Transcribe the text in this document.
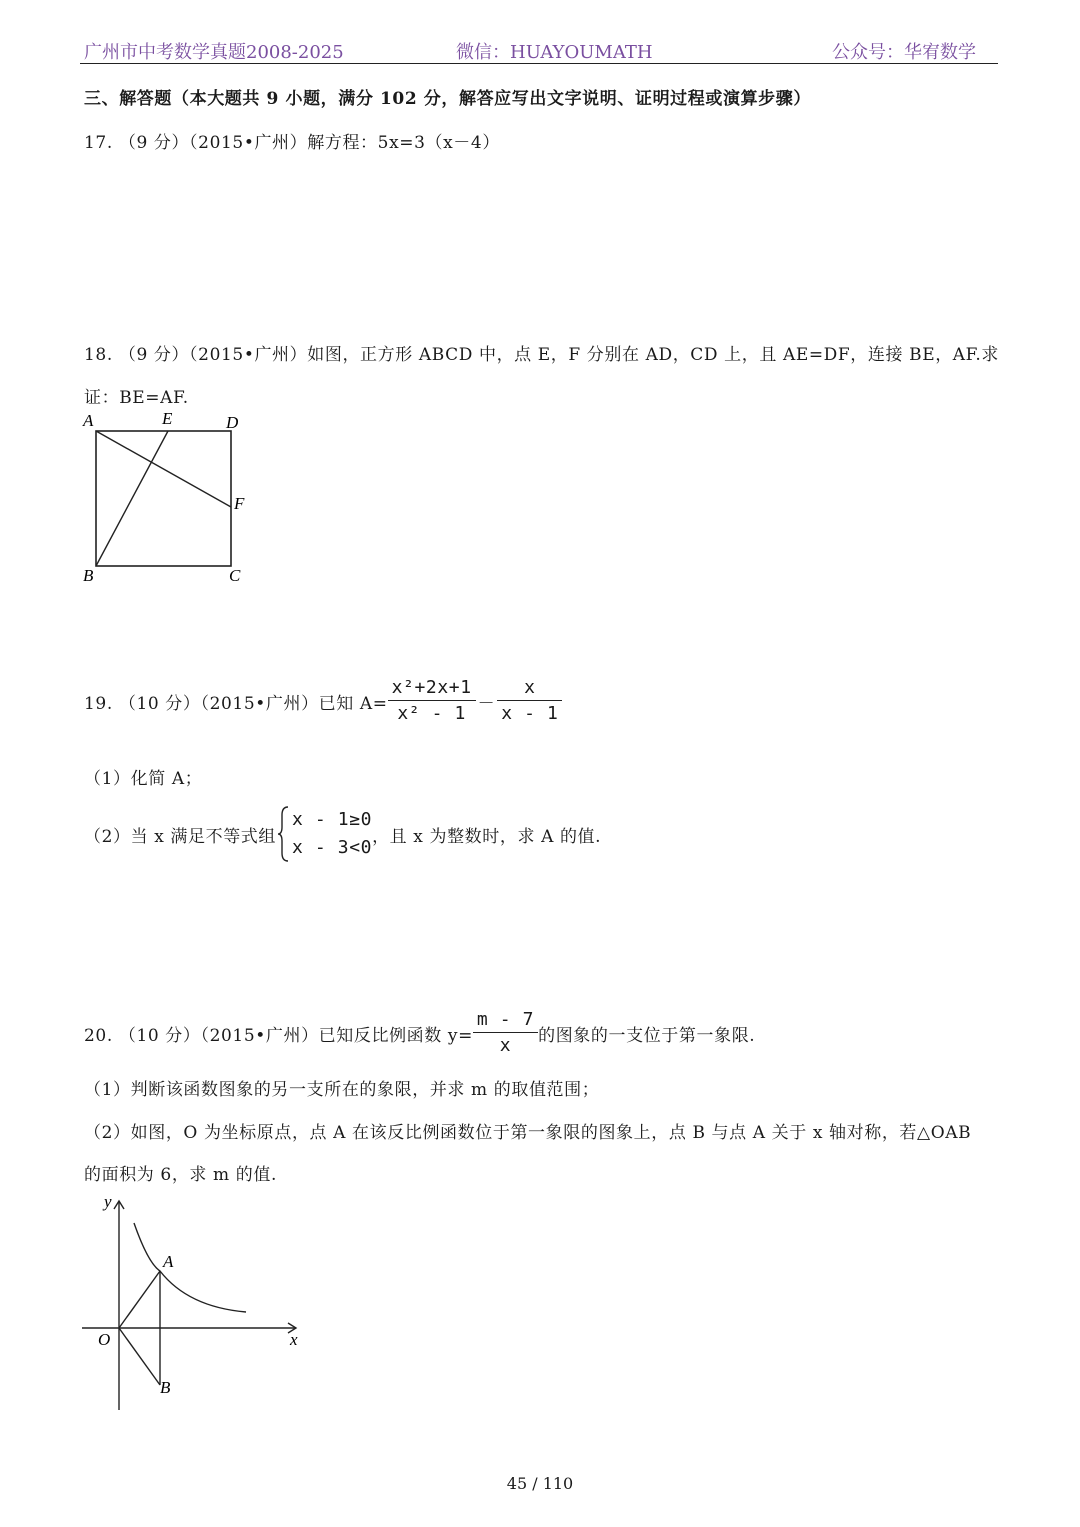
广州市中考数学真题2008-2025	微信：HUAYOUMATH	公众号：华宥数学
三、解答题（本大题共 9 小题，满分 102 分，解答应写出文字说明、证明过程或演算步骤）
17. （9 分）（2015•广州）解方程：5x=3（x－4）
18. （9 分）（2015•广州）如图，正方形 ABCD 中，点 E，F 分别在 AD，CD 上，且 AE=DF，连接 BE，AF.求
证：BE=AF.
A	E	D
F
B	C
19. （10 分）（2015•广州）已知 $A= \frac{\text{x²+2x+1}}{\text{x² - 1}} - \frac{x}{x - 1}$
（1）化简 A；
（2）当 x 满足不等式组
x - 1≥0
x - 3<0
，且 x 为整数时，求 A 的值.
20. （10 分）（2015•广州）已知反比例函数 $y= \frac{m - 7}{x}$ 的图象的一支位于第一象限.
（1）判断该函数图象的另一支所在的象限，并求 m 的取值范围；
（2）如图，O 为坐标原点，点 A 在该反比例函数位于第一象限的图象上，点 B 与点 A 关于 x 轴对称，若△OAB
的面积为 6，求 m 的值.
y
A
O	x
B
45 / 110
